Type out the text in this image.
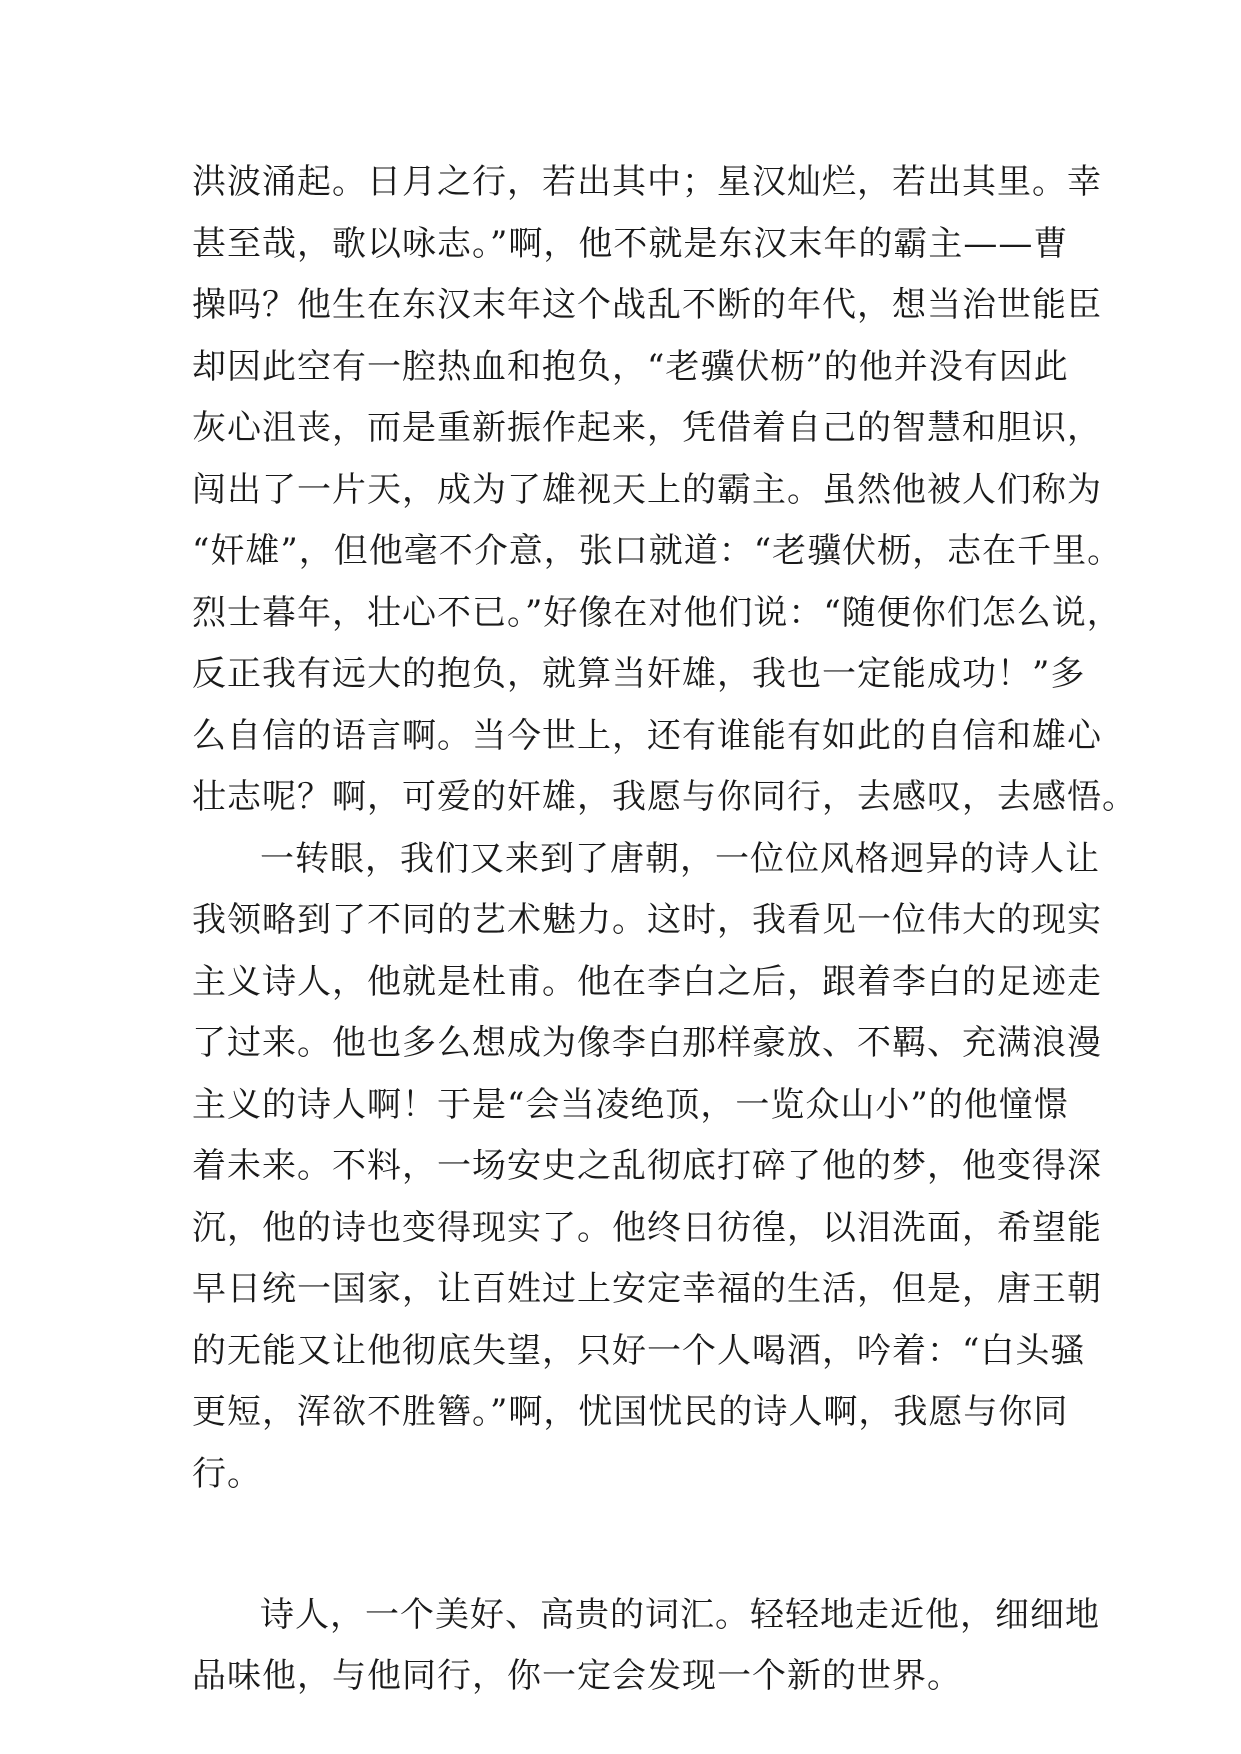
洪波涌起。日月之行，若出其中；星汉灿烂，若出其里。幸
甚至哉，歌以咏志。”啊，他不就是东汉末年的霸主——曹
操吗？他生在东汉末年这个战乱不断的年代，想当治世能臣
却因此空有一腔热血和抱负，“老骥伏枥”的他并没有因此
灰心沮丧，而是重新振作起来，凭借着自己的智慧和胆识，
闯出了一片天，成为了雄视天上的霸主。虽然他被人们称为
“奸雄”，但他毫不介意，张口就道：“老骥伏枥，志在千里。
烈士暮年，壮心不已。”好像在对他们说：“随便你们怎么说，
反正我有远大的抱负，就算当奸雄，我也一定能成功！”多
么自信的语言啊。当今世上，还有谁能有如此的自信和雄心
壮志呢？啊，可爱的奸雄，我愿与你同行，去感叹，去感悟。
一转眼，我们又来到了唐朝，一位位风格迥异的诗人让
我领略到了不同的艺术魅力。这时，我看见一位伟大的现实
主义诗人，他就是杜甫。他在李白之后，跟着李白的足迹走
了过来。他也多么想成为像李白那样豪放、不羁、充满浪漫
主义的诗人啊！于是“会当凌绝顶，一览众山小”的他憧憬
着未来。不料，一场安史之乱彻底打碎了他的梦，他变得深
沉，他的诗也变得现实了。他终日彷徨，以泪洗面，希望能
早日统一国家，让百姓过上安定幸福的生活，但是，唐王朝
的无能又让他彻底失望，只好一个人喝酒，吟着：“白头骚
更短，浑欲不胜簪。”啊，忧国忧民的诗人啊，我愿与你同
行。
诗人，一个美好、高贵的词汇。轻轻地走近他，细细地
品味他，与他同行，你一定会发现一个新的世界。
